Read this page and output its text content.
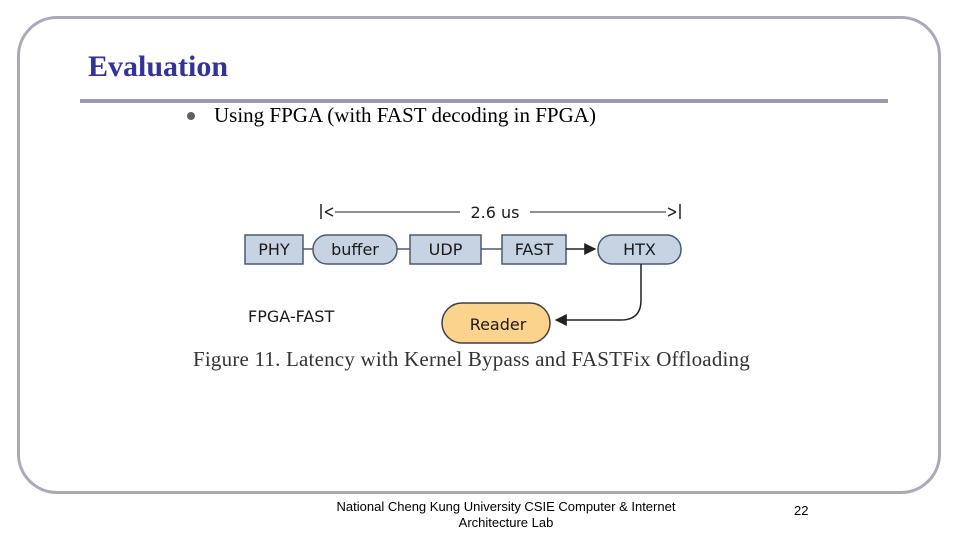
Evaluation
Using FPGA (with FAST decoding in FPGA)
2.6 us
PHY	buffer	UDP	FAST	HTX
Reader
FPGA-FAST
Figure 11. Latency with Kernel Bypass and FASTFix Offloading
National Cheng Kung University CSIE Computer & Internet
Architecture Lab
22
